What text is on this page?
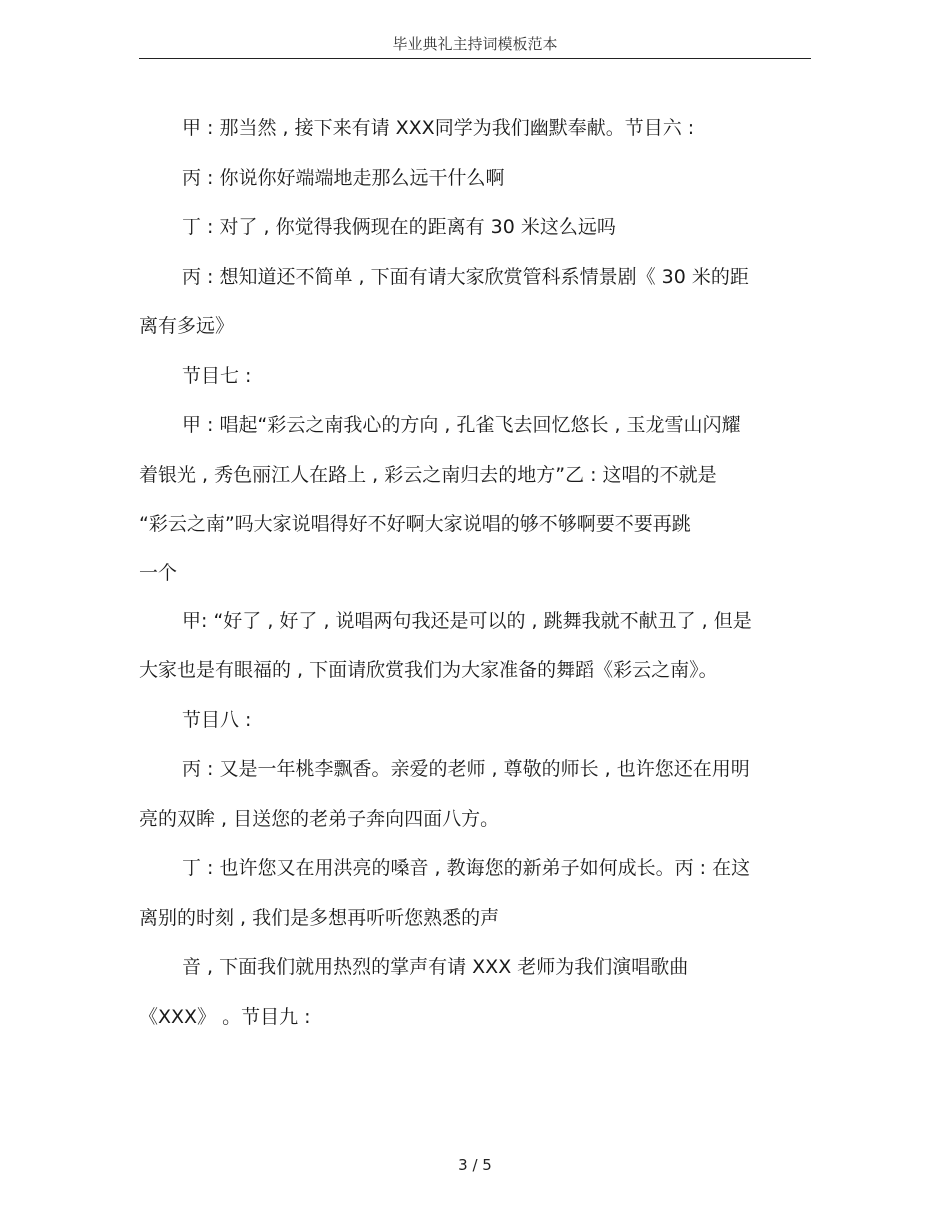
毕业典礼主持词模板范本
甲 : 那当然 , 接下来有请 XXX同学为我们幽默奉献。节目六 :
丙 : 你说你好端端地走那么远干什么啊
丁 : 对了 , 你觉得我俩现在的距离有 30 米这么远吗
丙 : 想知道还不简单 , 下面有请大家欣赏管科系情景剧《 30 米的距
离有多远》
节目七 :
甲 : 唱起“彩云之南我心的方向 , 孔雀飞去回忆悠长 , 玉龙雪山闪耀
着银光 , 秀色丽江人在路上 , 彩云之南归去的地方”乙 : 这唱的不就是
“彩云之南”吗大家说唱得好不好啊大家说唱的够不够啊要不要再跳
一个
甲: “好了 , 好了 , 说唱两句我还是可以的 , 跳舞我就不献丑了 , 但是
大家也是有眼福的 , 下面请欣赏我们为大家准备的舞蹈《彩云之南》。
节目八 :
丙 : 又是一年桃李飘香。亲爱的老师 , 尊敬的师长 , 也许您还在用明
亮的双眸 , 目送您的老弟子奔向四面八方。
丁 : 也许您又在用洪亮的嗓音 , 教诲您的新弟子如何成长。丙 : 在这
离别的时刻 , 我们是多想再听听您熟悉的声
音 , 下面我们就用热烈的掌声有请 XXX 老师为我们演唱歌曲
《XXX》 。节目九 :
3 / 5
